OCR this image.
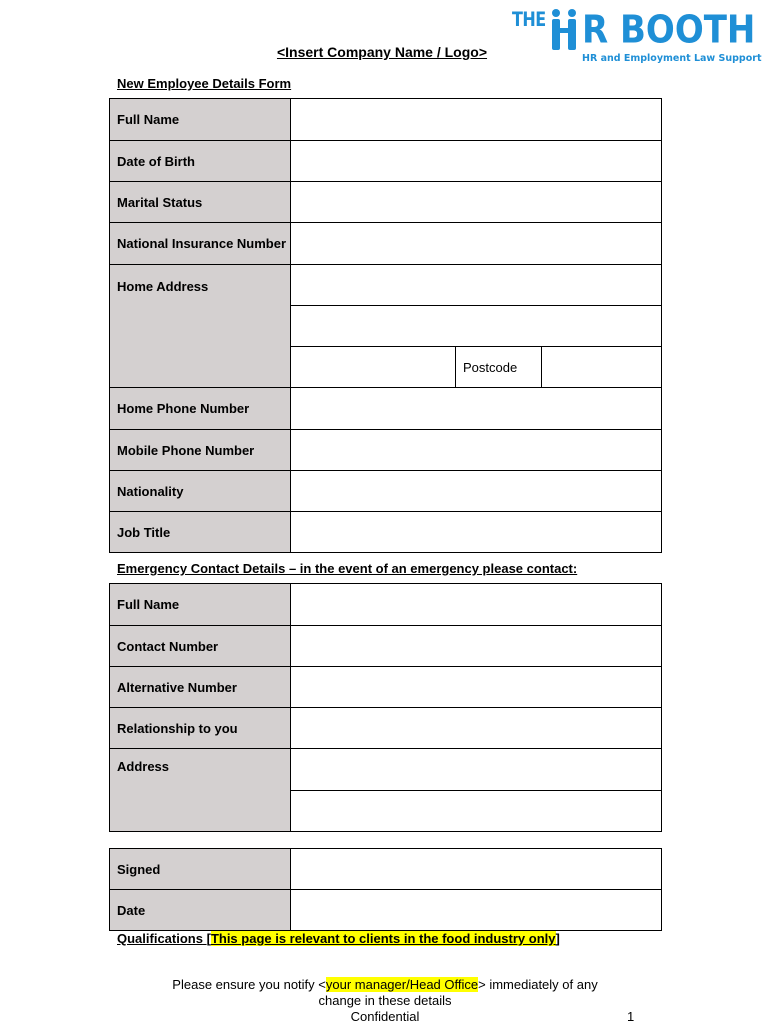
THE R BOOTH
HR and Employment Law Support
<Insert Company Name / Logo>
New Employee Details Form
Full Name			
Date of Birth			
Marital Status			
National Insurance Number			
Home Address			

		Postcode	
Home Phone Number			
Mobile Phone Number			
Nationality			
Job Title			
Emergency Contact Details – in the event of an emergency please contact:
Full Name	
Contact Number	
Alternative Number	
Relationship to you	
Address	

Signed	
Date	
Qualifications [This page is relevant to clients in the food industry only]
Please ensure you notify <your manager/Head Office> immediately of any
change in these details
Confidential	1
